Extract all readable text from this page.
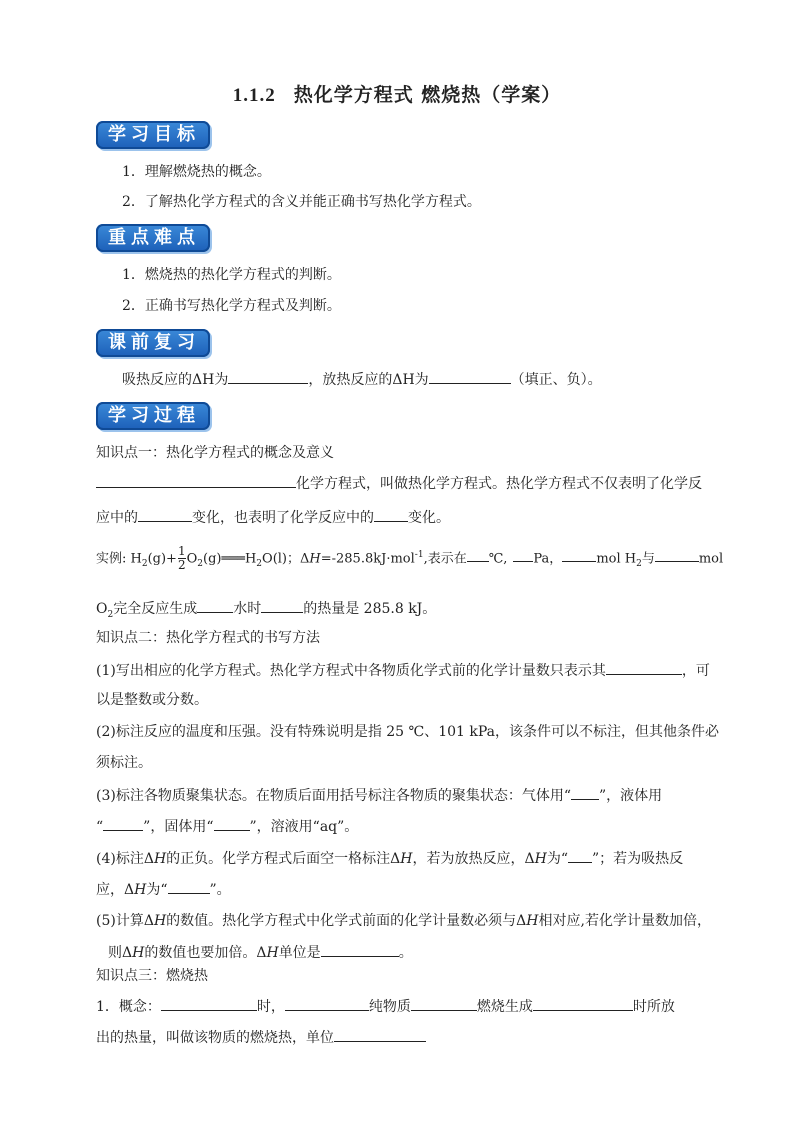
1.1.2 热化学方程式 燃烧热（学案）
学习目标
1．理解燃烧热的概念。
2．了解热化学方程式的含义并能正确书写热化学方程式。
重点难点
1．燃烧热的热化学方程式的判断。
2．正确书写热化学方程式及判断。
课前复习
吸热反应的ΔH为	，放热反应的ΔH为	（填正、负）。
学习过程
知识点一：热化学方程式的概念及意义
化学方程式，叫做热化学方程式。热化学方程式不仅表明了化学反
应中的	变化，也表明了化学反应中的 变化。
实例: $H_2(g)+ \frac{1}{2}$ $O_2(g)═══H_2O(l)$；ΔH=-285.8kJ·mol$^{-1}$,表示在 ℃, Pa，	mol $H_2$与	mol
$O_2$完全反应生成	水时	的热量是 285.8 kJ。
知识点二：热化学方程式的书写方法
(1)写出相应的化学方程式。热化学方程式中各物质化学式前的化学计量数只表示其	，可
以是整数或分数。
(2)标注反应的温度和压强。没有特殊说明是指 25 ℃、101 kPa，该条件可以不标注，但其他条件必
须标注。
(3)标注各物质聚集状态。在物质后面用括号标注各物质的聚集状态：气体用“ ”，液体用
“	”，固体用“	”，溶液用“aq”。
(4)标注ΔH的正负。化学方程式后面空一格标注ΔH，若为放热反应，ΔH为“ ”；若为吸热反
应，ΔH为“	”。
(5)计算ΔH的数值。热化学方程式中化学式前面的化学计量数必须与ΔH相对应,若化学计量数加倍，
则ΔH的数值也要加倍。ΔH单位是	。
知识点三：燃烧热
1．概念：	时，	纯物质	燃烧生成	时所放
出的热量，叫做该物质的燃烧热，单位
